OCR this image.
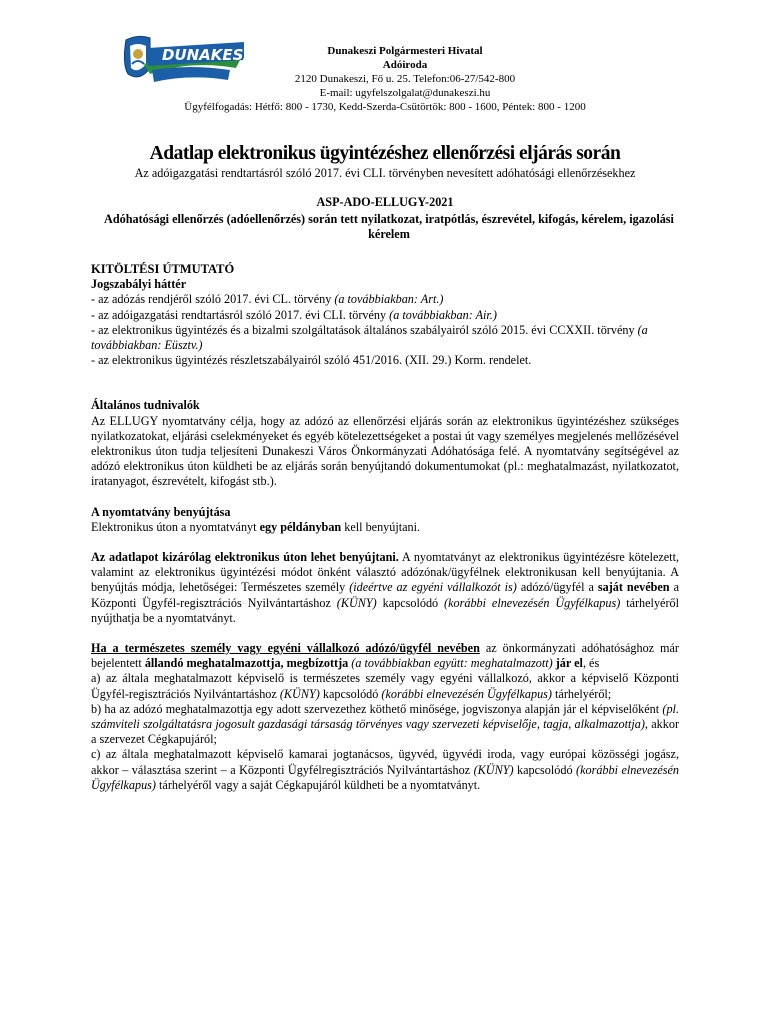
DUNAKESZI	Dunakeszi Polgármesteri Hivatal
Adóiroda
2120 Dunakeszi, Fő u. 25. Telefon:06-27/542-800
E-mail: ugyfelszolgalat@dunakeszi.hu
Ügyfélfogadás: Hétfő: 800 - 1730, Kedd-Szerda-Csütörtök: 800 - 1600, Péntek: 800 - 1200
Adatlap elektronikus ügyintézéshez ellenőrzési eljárás során
Az adóigazgatási rendtartásról szóló 2017. évi CLI. törvényben nevesített adóhatósági ellenőrzésekhez
ASP-ADO-ELLUGY-2021
Adóhatósági ellenőrzés (adóellenőrzés) során tett nyilatkozat, iratpótlás, észrevétel, kifogás, kérelem, igazolási kérelem

KITÖLTÉSI ÚTMUTATÓ

Jogszabályi háttér

- az adózás rendjéről szóló 2017. évi CL. törvény (a továbbiakban: Art.)

- az adóigazgatási rendtartásról szóló 2017. évi CLI. törvény (a továbbiakban: Air.)

- az elektronikus ügyintézés és a bizalmi szolgáltatások általános szabályairól szóló 2015. évi CCXXII. törvény (a továbbiakban: Eüsztv.)

- az elektronikus ügyintézés részletszabályairól szóló 451/2016. (XII. 29.) Korm. rendelet.

Általános tudnivalók

Az ELLUGY nyomtatvány célja, hogy az adózó az ellenőrzési eljárás során az elektronikus ügyintézéshez szükséges nyilatkozatokat, eljárási cselekményeket és egyéb kötelezettségeket a postai út vagy személyes megjelenés mellőzésével elektronikus úton tudja teljesíteni Dunakeszi Város Önkormányzati Adóhatósága felé. A nyomtatvány segítségével az adózó elektronikus úton küldheti be az eljárás során benyújtandó dokumentumokat (pl.: meghatalmazást, nyilatkozatot, iratanyagot, észrevételt, kifogást stb.).

A nyomtatvány benyújtása

Elektronikus úton a nyomtatványt egy példányban kell benyújtani.

Az adatlapot kizárólag elektronikus úton lehet benyújtani. A nyomtatványt az elektronikus ügyintézésre kötelezett, valamint az elektronikus ügyintézési módot önként választó adózónak/ügyfélnek elektronikusan kell benyújtania. A benyújtás módja, lehetőségei: Természetes személy (ideértve az egyéni vállalkozót is) adózó/ügyfél a saját nevében a Központi Ügyfél-regisztrációs Nyilvántartáshoz (KÜNY) kapcsolódó (korábbi elnevezésén Ügyfélkapus) tárhelyéről nyújthatja be a nyomtatványt.

Ha a természetes személy vagy egyéni vállalkozó adózó/ügyfél nevében az önkormányzati adóhatósághoz már bejelentett állandó meghatalmazottja, megbízottja (a továbbiakban együtt: meghatalmazott) jár el, és

a) az általa meghatalmazott képviselő is természetes személy vagy egyéni vállalkozó, akkor a képviselő Központi Ügyfél-regisztrációs Nyilvántartáshoz (KÜNY) kapcsolódó (korábbi elnevezésén Ügyfélkapus) tárhelyéről;

b) ha az adózó meghatalmazottja egy adott szervezethez köthető minősége, jogviszonya alapján jár el képviselőként (pl. számviteli szolgáltatásra jogosult gazdasági társaság törvényes vagy szervezeti képviselője, tagja, alkalmazottja), akkor a szervezet Cégkapujáról;

c) az általa meghatalmazott képviselő kamarai jogtanácsos, ügyvéd, ügyvédi iroda, vagy európai közösségi jogász, akkor – választása szerint – a Központi Ügyfélregisztrációs Nyilvántartáshoz (KÜNY) kapcsolódó (korábbi elnevezésén Ügyfélkapus) tárhelyéről vagy a saját Cégkapujáról küldheti be a nyomtatványt.
